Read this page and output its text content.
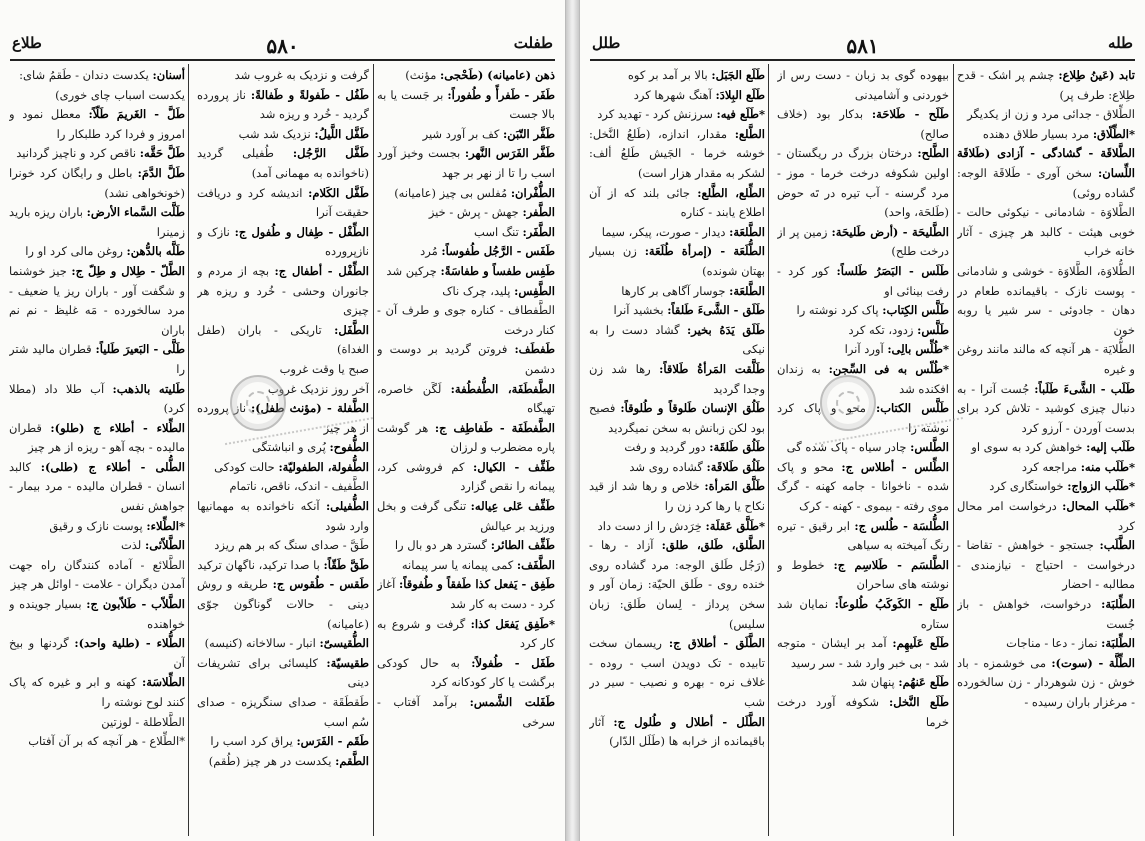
طفلت
۵۸۰
طلاع

ذهن (عامیانه) (طَحْجی: مؤنث)

طَفَر - طَفرأً و طُفوراً: بر جَست یا به بالا جست

طَفَّر التّبَن: کف بر آورد شیر

طَفَّر الفَرَس النَّهر: بجست وخیز آورد اسب را تا از نهر بر جهد

الطُّفْران: مُفلس بی چیز (عامیانه)

الطَّفر: جهش - پرش - خیز

الطَّفَر: تنگ اسب

طَفَس - الرَّجُل طُفوساً: مُرد

طَفِس طفساً و طفاسَةً: چرکین شد

الطَّفِس: پلید، چرک ناک

الطَّفطاف - کناره جوی و طرف آن - کنار درخت

طَفطَف: فروتن گردید بر دوست و دشمن

الطَّفطَفَة، الطُّفطُفة: لَگَن خاصره، تهیگاه

الطَّفطَفَة - طَفاطِف ج: هر گوشت پاره مضطرب و لرزان

طَفِّف - الکیال: کم فروشی کرد، پیمانه را نقص گزارد

طَفِّف عَلی عِیاله: تنگی گرفت و بخل ورزید بر عیالش

طَفِّف الطائر: گسترد هر دو بال را

الطَّفَف: کمی پیمانه یا سر پیمانه

طَفِق - یَفعل کذا طَفقاً و طُفوقاً: آغاز کرد - دست به کار شد

*طَفِق یَفعَل کذا: گرفت و شروع به کار کرد

طَفَل - طُفولاً: به حال کودکی برگشت یا کار کودکانه کرد

طَفَلت الشَّمس: برآمد آفتاب - سرخی

گرفت و نزدیک به غروب شد

طَفُل - طَفولةً و طَفالةً: ناز پرورده گردید - خُرد و ریزه شد

طَفَّل اللَّیلُ: نزدیک شد شب

طَفَّل الرَّجُل: طُفیلی گردید (ناخوانده به مهمانی آمد)

طَفَّل الکَلام: اندیشه کرد و دریافت حقیقت آنرا

الطِّفْل - طِفال و طُفول ج: نازک و نازپرورده

الطِّفْل - أطفال ج: بچه از مردم و جانوران وحشی - خُرد و ریزه هر چیزی

الطَّفَل: تاریکی - باران (طفل الغداة)

صبح یا وقت غروب

آخر روز نزدیک غروب

الطَّفلة - (مؤنث طفل): ناز پرورده از هر چیز

الطُّفوح: پُری و انباشتگی

الطُّفولة، الطفولیّة: حالت کودکی

الطَّفیف - اندک، ناقص، ناتمام

الطُّفیلی: آنکه ناخوانده به مهمانیها وارد شود

طَقَّ - صدای سنگ که بر هم ریزد

طَقَّ طَقّاً: با صدا ترکید، ناگهان ترکید

طَقس - طُقوس ج: طریقه و روش دینی - حالات گوناگون جوّی (عامیانه)

الطُّقیسیّ: انبار - سالاخانه (کنیسه)

طقیسیّة: کلیسائی برای تشریفات دینی

طَقطَقَة - صدای سنگریزه - صدای سُم اسب

طَقَم - الفَرَس: یراق کرد اسب را

الطَّقم: یکدست در هر چیز (طُقم)

أسنان: یکدست دندان - طَقمُ شای:

یکدست اسباب چای خوری)

طَلَّ - الغَریمَ طَلّاً: معطل نمود و امروز و فردا کرد طلبکار را

طَلَّ حَقَّه: ناقص کرد و ناچیز گردانید

طَلَّ الدَّمَ: باطل و رایگان کرد خونرا (خونخواهی نشد)

طَلَّت السَّماء الأرض: باران ریزه بارید زمینرا

طَلَّه بالدُّهن: روغن مالی کرد او را

الطَّلّ - طِلال و طِلّ ج: جیز خوشنما و شگفت آور - باران ریز یا ضعیف - مرد سالخورده - مَه غلیظ - نم نم باران

طَلَّی - البَعیرَ طَلیاً: قطران مالید شتر را

طَلیته بالذهب: آب طلا داد (مطلا کرد)

الطِّلاء - أطلاء ج (طلو): قطران مالیده - بچه آهو - ریزه از هر چیز

الطُّلی - أطلاء ج (طلی): کالبد انسان - قطران مالیده - مرد بیمار - جواهش نفس

*الطِّلاء: پوست نازک و رقیق

الطَّلاّئی: لذت

الطَّلائع - آماده کنندگان راه جهت آمدن دیگران - علامت - اوائل هر چیز

الطَّلاّب - طَلاّبون ج: بسیار جوینده و خواهنده

الطُّلاء - (طلیة واحد): گردنها و بیخ آن

الطِّلاسَة: کهنه و ابر و غیره که پاک کنند لوح نوشته را

الطَّلاطلة - لوزتین

*الطِّلاع - هر آنچه که بر آن آفتاب

طله
۵۸۱
طلل

تابد (عَینُ طِلاع: چشم پر اشک - قدح طِلاع: طرف پر)

الطِّلاق - جدائی مرد و زن از یکدیگر

*الطِّلّاق: مرد بسیار طلاق دهنده

الطَّلاقَة - گشادگی - آزادی (طَلاقَة اللِّسان: سخن آوری - طَلاقَة الوجه: گشاده روئی)

الطَّلاوَة - شادمانی - نیکوئی حالت - خوبی هیئت - کالبد هر چیزی - آثار خانه خراب

الطُّلاوَة، الطَّلاوَة - خوشی و شادمانی - پوست نازک - باقیمانده طعام در دهان - جادوئی - سر شیر یا روبه خون

الطُّلایَة - هر آنچه که مالند مانند روغن و غیره

طَلَب - الشَّیءَ طَلَباً: جُست آنرا - به دنبال چیزی کوشید - تلاش کرد برای بدست آوردن - آرزو کرد

طَلَب إلیه: خواهش کرد به سوی او

*طَلَب منه: مراجعه کرد

*طَلَب الزواج: خواستگاری کرد

*طَلَب المحال: درخواست امر محال کرد

الطَّلَب: جستجو - خواهش - تقاضا - درخواست - احتیاج - نیازمندی - مطالبه - احضار

الطِّلبَة: درخواست، خواهش - باز جُست

الطِّلبَة: نماز - دعا - مناجات

الطِّلَّة - (سوت): می خوشمزه - باد خوش - زن شوهردار - زن سالخورده - مرغزار باران رسیده -

بیهوده گوی بد زبان - دست رس از خوردنی و آشامیدنی

طَلَح - طَلاحَة: بدکار بود (خلاف صالح)

الطَّلح: درختان بزرگ در ریگستان - اولین شکوفه درخت خرما - موز - مرد گرسنه - آب تیره در تَه حوض (طَلحَة، واحد)

الطَّلیحَة - (أرض طَلیحَة: زمین پر از درخت طلح)

طَلَس - البَصَرُ طَلساً: کور کرد - رفت بینائی او

طَلَّس الکِتاب: پاک کرد نوشته را

طَلَّس: زدود، تکه کرد

*طُلِّس بالِی: آورد آنرا

*طُلّس به فی السِّجن: به زندان افکنده شد

طَلَّس الکتاب: محو و پاک کرد نوشته را

الطَّلس: چادر سیاه - پاک شده گی

الطِّلس - أطلاس ج: محو و پاک شده - ناخوانا - جامه کهنه - گرگ موی رفته - بیموی - کهنه - کرک

الطُّلسَة - طُلس ج: ابر رقیق - تیره رنگ آمیخته به سیاهی

الطَّلسَم - طَلاسِم ج: خطوط و نوشته های ساحران

طَلَع - الکَوکَبُ طُلوعاً: نمایان شد ستاره

طَلَع عَلَیهِم: آمد بر ایشان - متوجه شد - بی خبر وارد شد - سر رسید

طَلَع عَنهُم: پنهان شد

طَلَع النَّخل: شکوفه آورد درخت خرما

طَلَع الجَبَل: بالا بر آمد بر کوه

طَلَع البِلادَ: آهنگ شهرها کرد

*طَلَع فیه: سرزنش کرد - تهدید کرد

الطَّلع: مقدار، اندازه، (طَلعُ النَّخل: خوشه خرما - الجَیش طَلعُ ألف: لشکر به مقدار هزار است)

الطِّلع، الطَّلع: جائی بلند که از آن اطلاع یابند - کناره

الطَّلعَة: دیدار - صورت، پیکر، سیما

الطُّلَعَة - (إمرأة طُلَعَة: زن بسیار بهتان شونده)

الطَّلعَة: جوسار آگاهی بر کارها

طَلَق - الشَّیءَ طَلقاً: بخشید آنرا

طَلَق یَدَهُ بخیر: گشاد دست را به نیکی

طَلَّقت المَرأةُ طَلاقاً: رها شد زن وجدا گردید

طَلُق الإنسان طَلوقاً و طُلوقاً: فصیح بود لکن زبانش به سخن نمیگردید

طَلُق طَلقَة: دور گردید و رفت

طَلُق طَلاقَة: گشاده روی شد

طَلَّق المَرأة: خلاص و رها شد از قید نکاح یا رها کرد زن را

*طَلَّق عَقلَة: خِرَدش را از دست داد

الطَّلق، طَلق، طلق: آزاد - رها - (رَجُل طَلق الوجه: مرد گشاده روی خنده روی - طَلق الحیّة: زمان آور و سخن پرداز - لِسان طَلق: زبان سلیس)

الطَّلَق - أطلاق ج: ریسمان سخت تابیده - تک دویدن اسب - روده - غلاف نره - بهره و نصیب - سیر در شب

الطَّلَل - أطلال و طُلول ج: آثار باقیمانده از خرابه ها (طَلَل الدّار)
